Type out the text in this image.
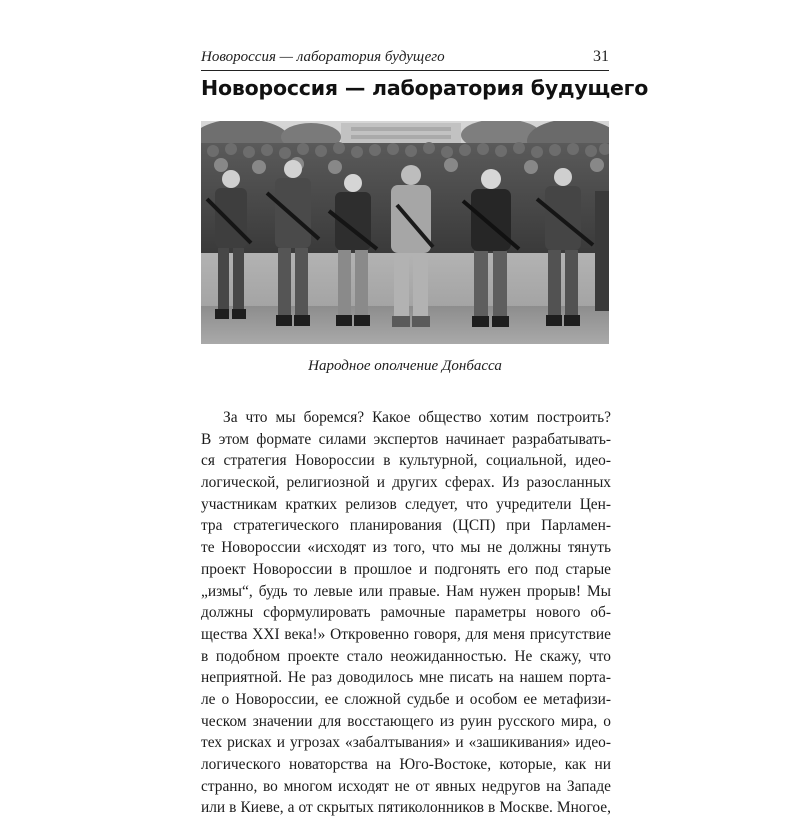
Новороссия — лаборатория будущего	31
Новороссия — лаборатория будущего
Народное ополчение Донбасса
За что мы боремся? Какое общество хотим построить?
В этом формате силами экспертов начинает разрабатывать-
ся стратегия Новороссии в культурной, социальной, идео-
логической, религиозной и других сферах. Из разосланных
участникам кратких релизов следует, что учредители Цен-
тра стратегического планирования (ЦСП) при Парламен-
те Новороссии «исходят из того, что мы не должны тянуть
проект Новороссии в прошлое и подгонять его под старые
„измы“, будь то левые или правые. Нам нужен прорыв! Мы
должны сформулировать рамочные параметры нового об-
щества XXI века!» Откровенно говоря, для меня присутствие
в подобном проекте стало неожиданностью. Не скажу, что
неприятной. Не раз доводилось мне писать на нашем порта-
ле о Новороссии, ее сложной судьбе и особом ее метафизи-
ческом значении для восстающего из руин русского мира, о
тех рисках и угрозах «забалтывания» и «зашикивания» идео-
логического новаторства на Юго-Востоке, которые, как ни
странно, во многом исходят не от явных недругов на Западе
или в Киеве, а от скрытых пятиколонников в Москве. Многое,
